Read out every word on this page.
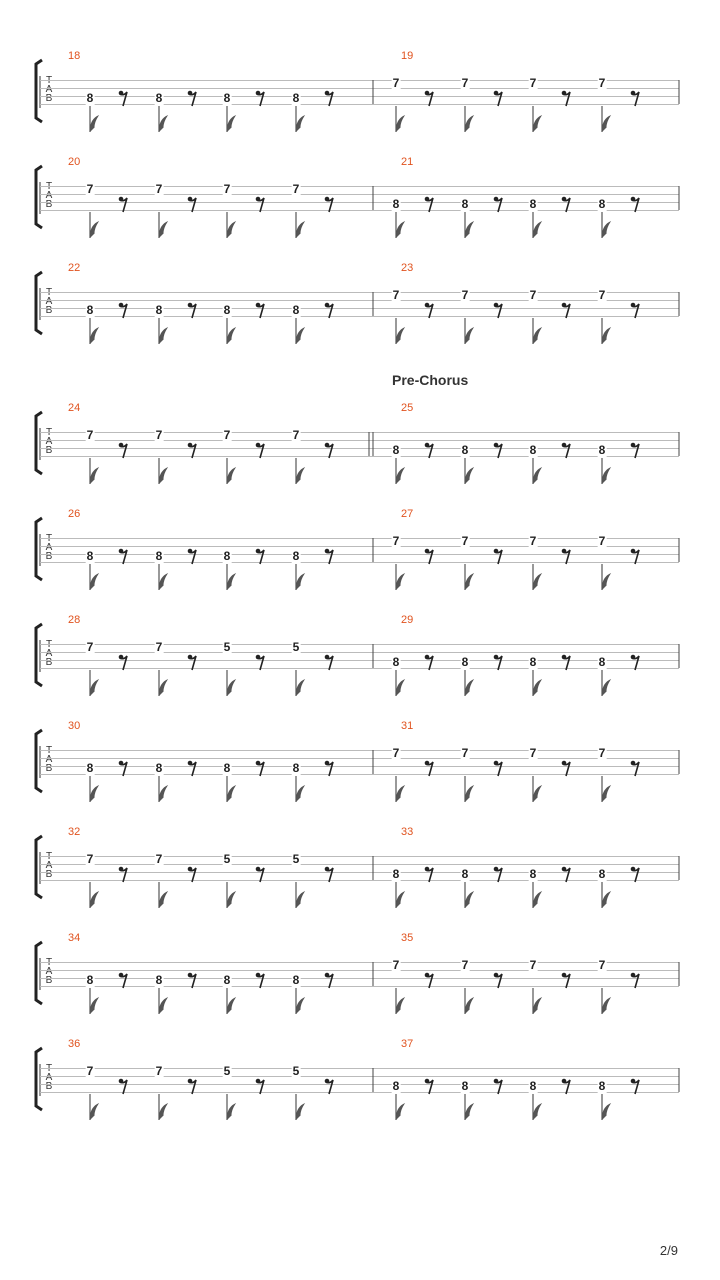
Pre-Chorus
T
A
B
18
8	8	8	8
19
7	7	7	7
T
A
B
20
7	7	7	7
21
8	8	8	8
T
A
B
22
8	8	8	8
23
7	7	7	7
T
A
B
24
7	7	7	7
25
8	8	8	8
T
A
B
26
8	8	8	8
27
7	7	7	7
T
A
B
28
7	7	5	5
29
8	8	8	8
T
A
B
30
8	8	8	8
31
7	7	7	7
T
A
B
32
7	7	5	5
33
8	8	8	8
T
A
B
34
8	8	8	8
35
7	7	7	7
T
A
B
36
7	7	5	5
37
8	8	8	8
2/9
